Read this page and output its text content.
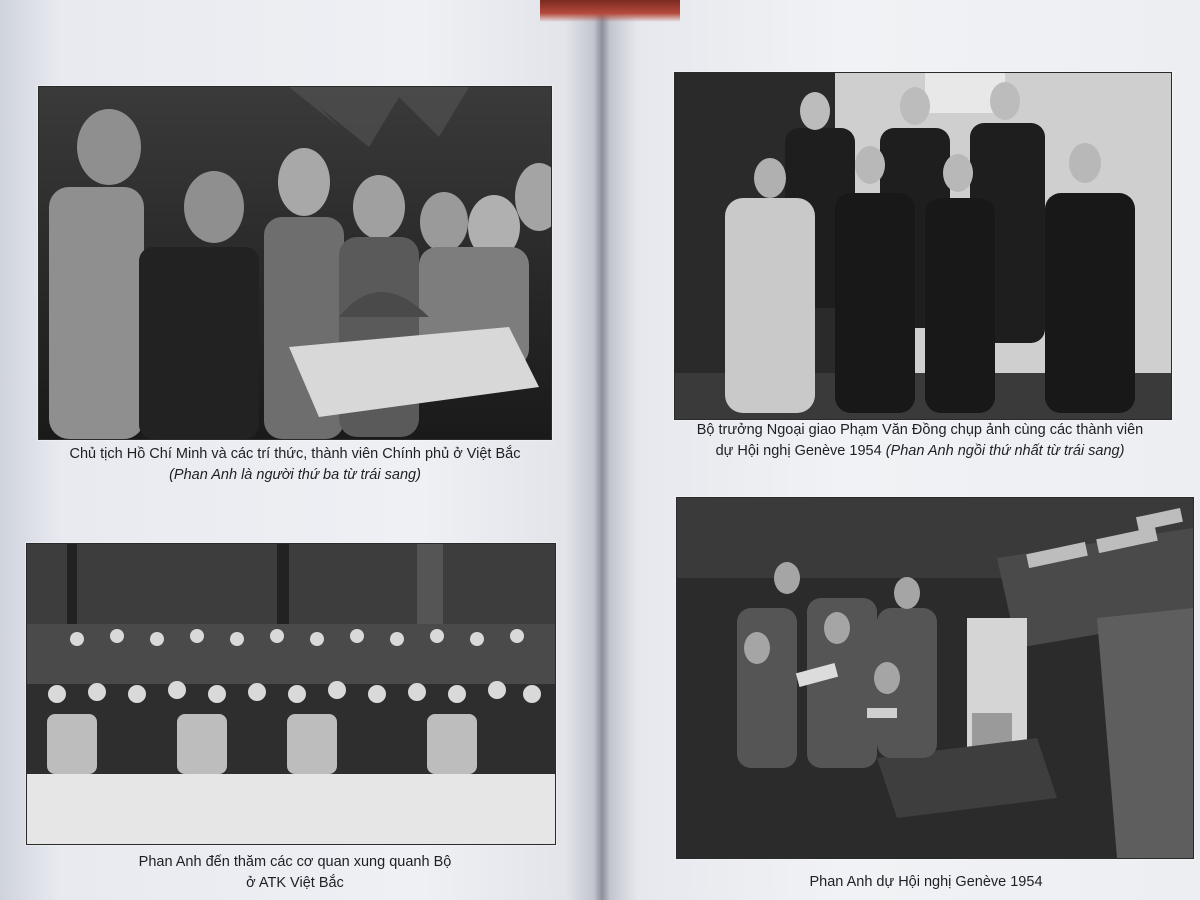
Chủ tịch Hồ Chí Minh và các trí thức, thành viên Chính phủ ở Việt Bắc
(Phan Anh là người thứ ba từ trái sang)
Phan Anh đến thăm các cơ quan xung quanh Bộ
ở ATK Việt Bắc
Bộ trưởng Ngoại giao Phạm Văn Đồng chụp ảnh cùng các thành viên
dự Hội nghị Genève 1954 (Phan Anh ngồi thứ nhất từ trái sang)
Phan Anh dự Hội nghị Genève 1954
